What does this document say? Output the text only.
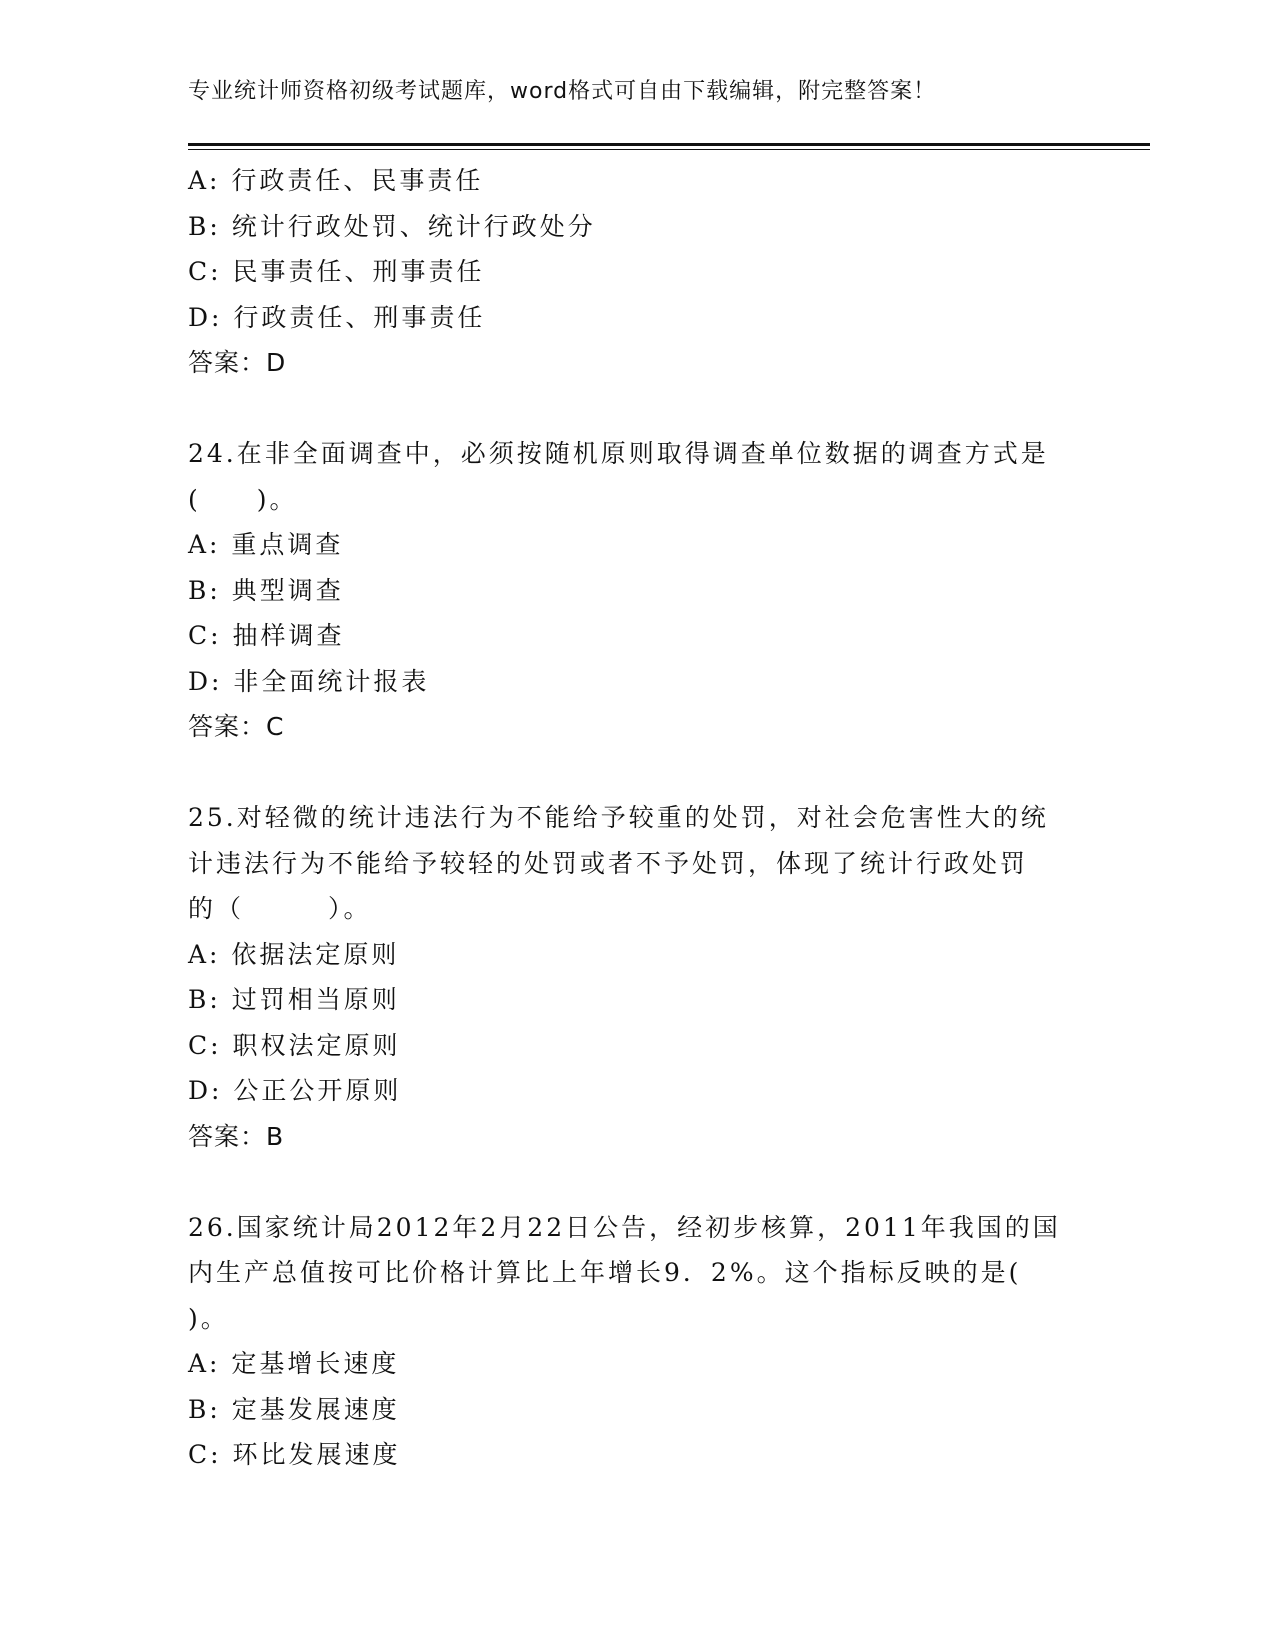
专业统计师资格初级考试题库，word格式可自由下载编辑，附完整答案！
A: 行政责任、民事责任
B: 统计行政处罚、统计行政处分
C: 民事责任、刑事责任
D: 行政责任、刑事责任
答案：D
24.在非全面调查中，必须按随机原则取得调查单位数据的调查方式是
(　　)。
A: 重点调查
B: 典型调查
C: 抽样调查
D: 非全面统计报表
答案：C
25.对轻微的统计违法行为不能给予较重的处罚，对社会危害性大的统
计违法行为不能给予较轻的处罚或者不予处罚，体现了统计行政处罚
的（　　　）。
A: 依据法定原则
B: 过罚相当原则
C: 职权法定原则
D: 公正公开原则
答案：B
26.国家统计局2012年2月22日公告，经初步核算，2011年我国的国
内生产总值按可比价格计算比上年增长9．2%。这个指标反映的是(
)。
A: 定基增长速度
B: 定基发展速度
C: 环比发展速度
